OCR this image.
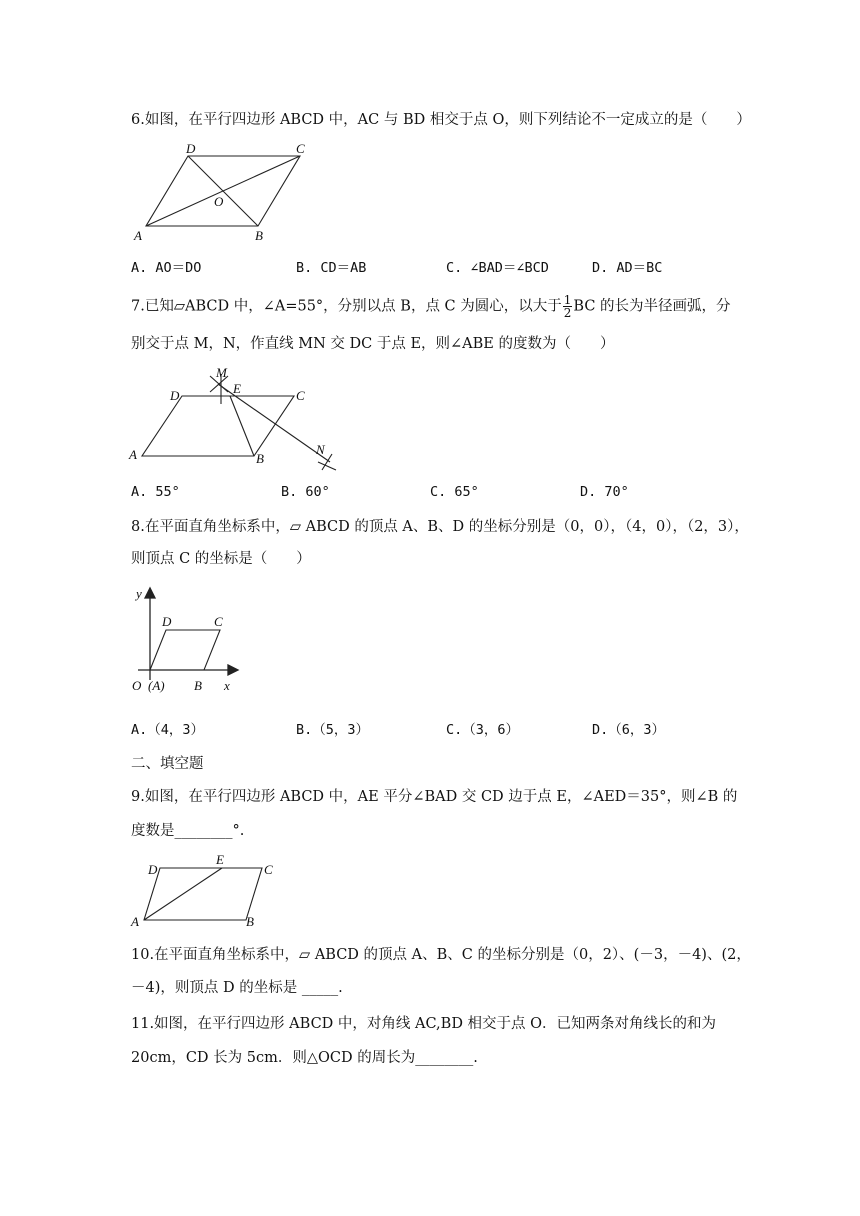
6.如图，在平行四边形 ABCD 中，AC 与 BD 相交于点 O，则下列结论不一定成立的是（　　）
D	C
O
A	B
A. AO＝DO	B. CD＝AB	C. ∠BAD＝∠BCD	D. AD＝BC
7.已知▱ABCD 中，∠A=55°，分别以点 B，点 C 为圆心，以大于 $\frac{1}{2}$ BC 的长为半径画弧，分
别交于点 M，N，作直线 MN 交 DC 于点 E，则∠ABE 的度数为（　　）
D
M
E	C
A	B
N
A. 55°	B. 60°	C. 65°	D. 70°
8.在平面直角坐标系中，▱ ABCD 的顶点 A、B、D 的坐标分别是（0，0），（4，0），（2，3），
则顶点 C 的坐标是（　　）
y
D	C
O (A) B x
A.（4，3）	B.（5，3）	C.（3，6）	D.（6，3）
二、填空题
9.如图，在平行四边形 ABCD 中，AE 平分∠BAD 交 CD 边于点 E，∠AED＝35°，则∠B 的
度数是________°.
D
E
C
A	B
10.在平面直角坐标系中，▱ ABCD 的顶点 A、B、C 的坐标分别是（0，2）、(－3，－4)、(2，
－4)，则顶点 D 的坐标是 _____.
11.如图，在平行四边形 ABCD 中，对角线 AC,BD 相交于点 O．已知两条对角线长的和为
20cm，CD 长为 5cm．则△OCD 的周长为________.
